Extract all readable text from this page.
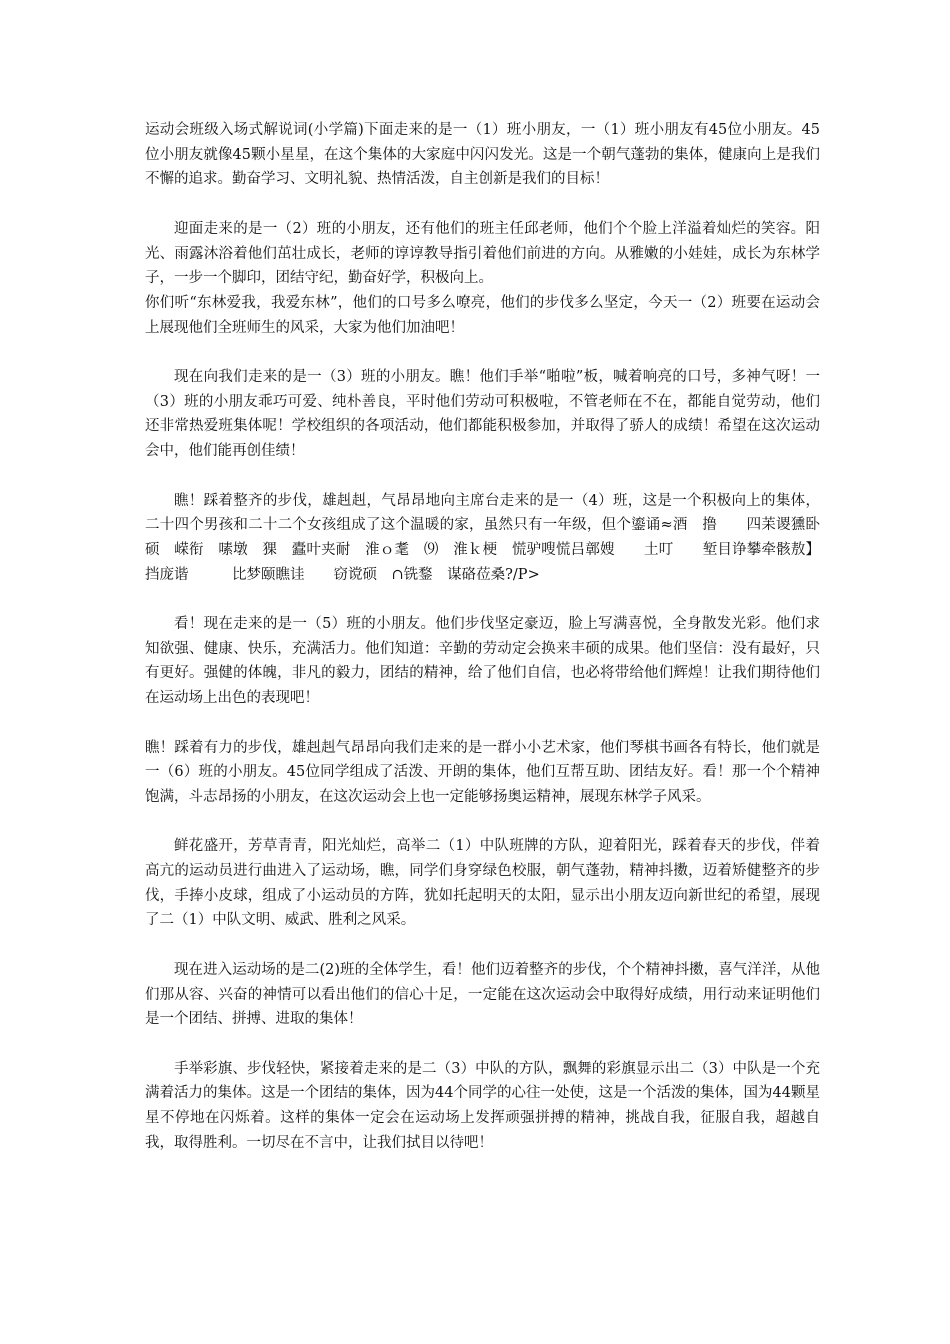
运动会班级入场式解说词(小学篇)下面走来的是一（1）班小朋友，一（1）班小朋友有45位小朋友。45位小朋友就像45颗小星星，在这个集体的大家庭中闪闪发光。这是一个朝气蓬勃的集体，健康向上是我们不懈的追求。勤奋学习、文明礼貌、热情活泼，自主创新是我们的目标！

迎面走来的是一（2）班的小朋友，还有他们的班主任邱老师，他们个个脸上洋溢着灿烂的笑容。阳光、雨露沐浴着他们茁壮成长，老师的谆谆教导指引着他们前进的方向。从雅嫩的小娃娃，成长为东林学子，一步一个脚印，团结守纪，勤奋好学，积极向上。

你们听“东林爱我，我爱东林”，他们的口号多么嘹亮，他们的步伐多么坚定，今天一（2）班要在运动会上展现他们全班师生的风采，大家为他们加油吧！

现在向我们走来的是一（3）班的小朋友。瞧！他们手举“啪啦”板，喊着响亮的口号，多神气呀！一（3）班的小朋友乖巧可爱、纯朴善良，平时他们劳动可积极啦，不管老师在不在，都能自觉劳动，他们还非常热爱班集体呢！学校组织的各项活动，他们都能积极参加，并取得了骄人的成绩！希望在这次运动会中，他们能再创佳绩！

瞧！踩着整齐的步伐，雄赳赳，气昂昂地向主席台走来的是一（4）班，这是一个积极向上的集体，二十四个男孩和二十二个女孩组成了这个温暖的家，虽然只有一年级，但个鎏诵≈酒　撸　　四苿谡獯卧硕　嵘衔　嗉墩　猓　蠹叶夹耐　淮ｏ耄　⑼　淮ｋ梗　慌驴嗖慌吕鄣嫂　　土叮　　堑目诤攀牵骸敖】挡庞谐　　　比梦颐瞧诖　　窃谠硕　∩铣鍪　谋硌莅桑?/P>

看！现在走来的是一（5）班的小朋友。他们步伐坚定豪迈，脸上写满喜悦，全身散发光彩。他们求知欲强、健康、快乐，充满活力。他们知道：辛勤的劳动定会换来丰硕的成果。他们坚信：没有最好，只有更好。强健的体魄，非凡的毅力，团结的精神，给了他们自信，也必将带给他们辉煌！让我们期待他们在运动场上出色的表现吧！

瞧！踩着有力的步伐，雄赳赳气昂昂向我们走来的是一群小小艺术家，他们琴棋书画各有特长，他们就是一（6）班的小朋友。45位同学组成了活泼、开朗的集体，他们互帮互助、团结友好。看！那一个个精神饱满，斗志昂扬的小朋友，在这次运动会上也一定能够扬奥运精神，展现东林学子风采。

鲜花盛开，芳草青青，阳光灿烂，高举二（1）中队班牌的方队，迎着阳光，踩着春天的步伐，伴着高亢的运动员进行曲进入了运动场，瞧，同学们身穿绿色校服，朝气蓬勃，精神抖擞，迈着矫健整齐的步伐，手捧小皮球，组成了小运动员的方阵，犹如托起明天的太阳，显示出小朋友迈向新世纪的希望，展现了二（1）中队文明、威武、胜利之风采。

现在进入运动场的是二(2)班的全体学生，看！他们迈着整齐的步伐，个个精神抖擞，喜气洋洋，从他们那从容、兴奋的神情可以看出他们的信心十足，一定能在这次运动会中取得好成绩，用行动来证明他们是一个团结、拼搏、进取的集体！

手举彩旗、步伐轻快，紧接着走来的是二（3）中队的方队，飘舞的彩旗显示出二（3）中队是一个充满着活力的集体。这是一个团结的集体，因为44个同学的心往一处使，这是一个活泼的集体，国为44颗星星不停地在闪烁着。这样的集体一定会在运动场上发挥顽强拼搏的精神，挑战自我，征服自我，超越自我，取得胜利。一切尽在不言中，让我们拭目以待吧！
